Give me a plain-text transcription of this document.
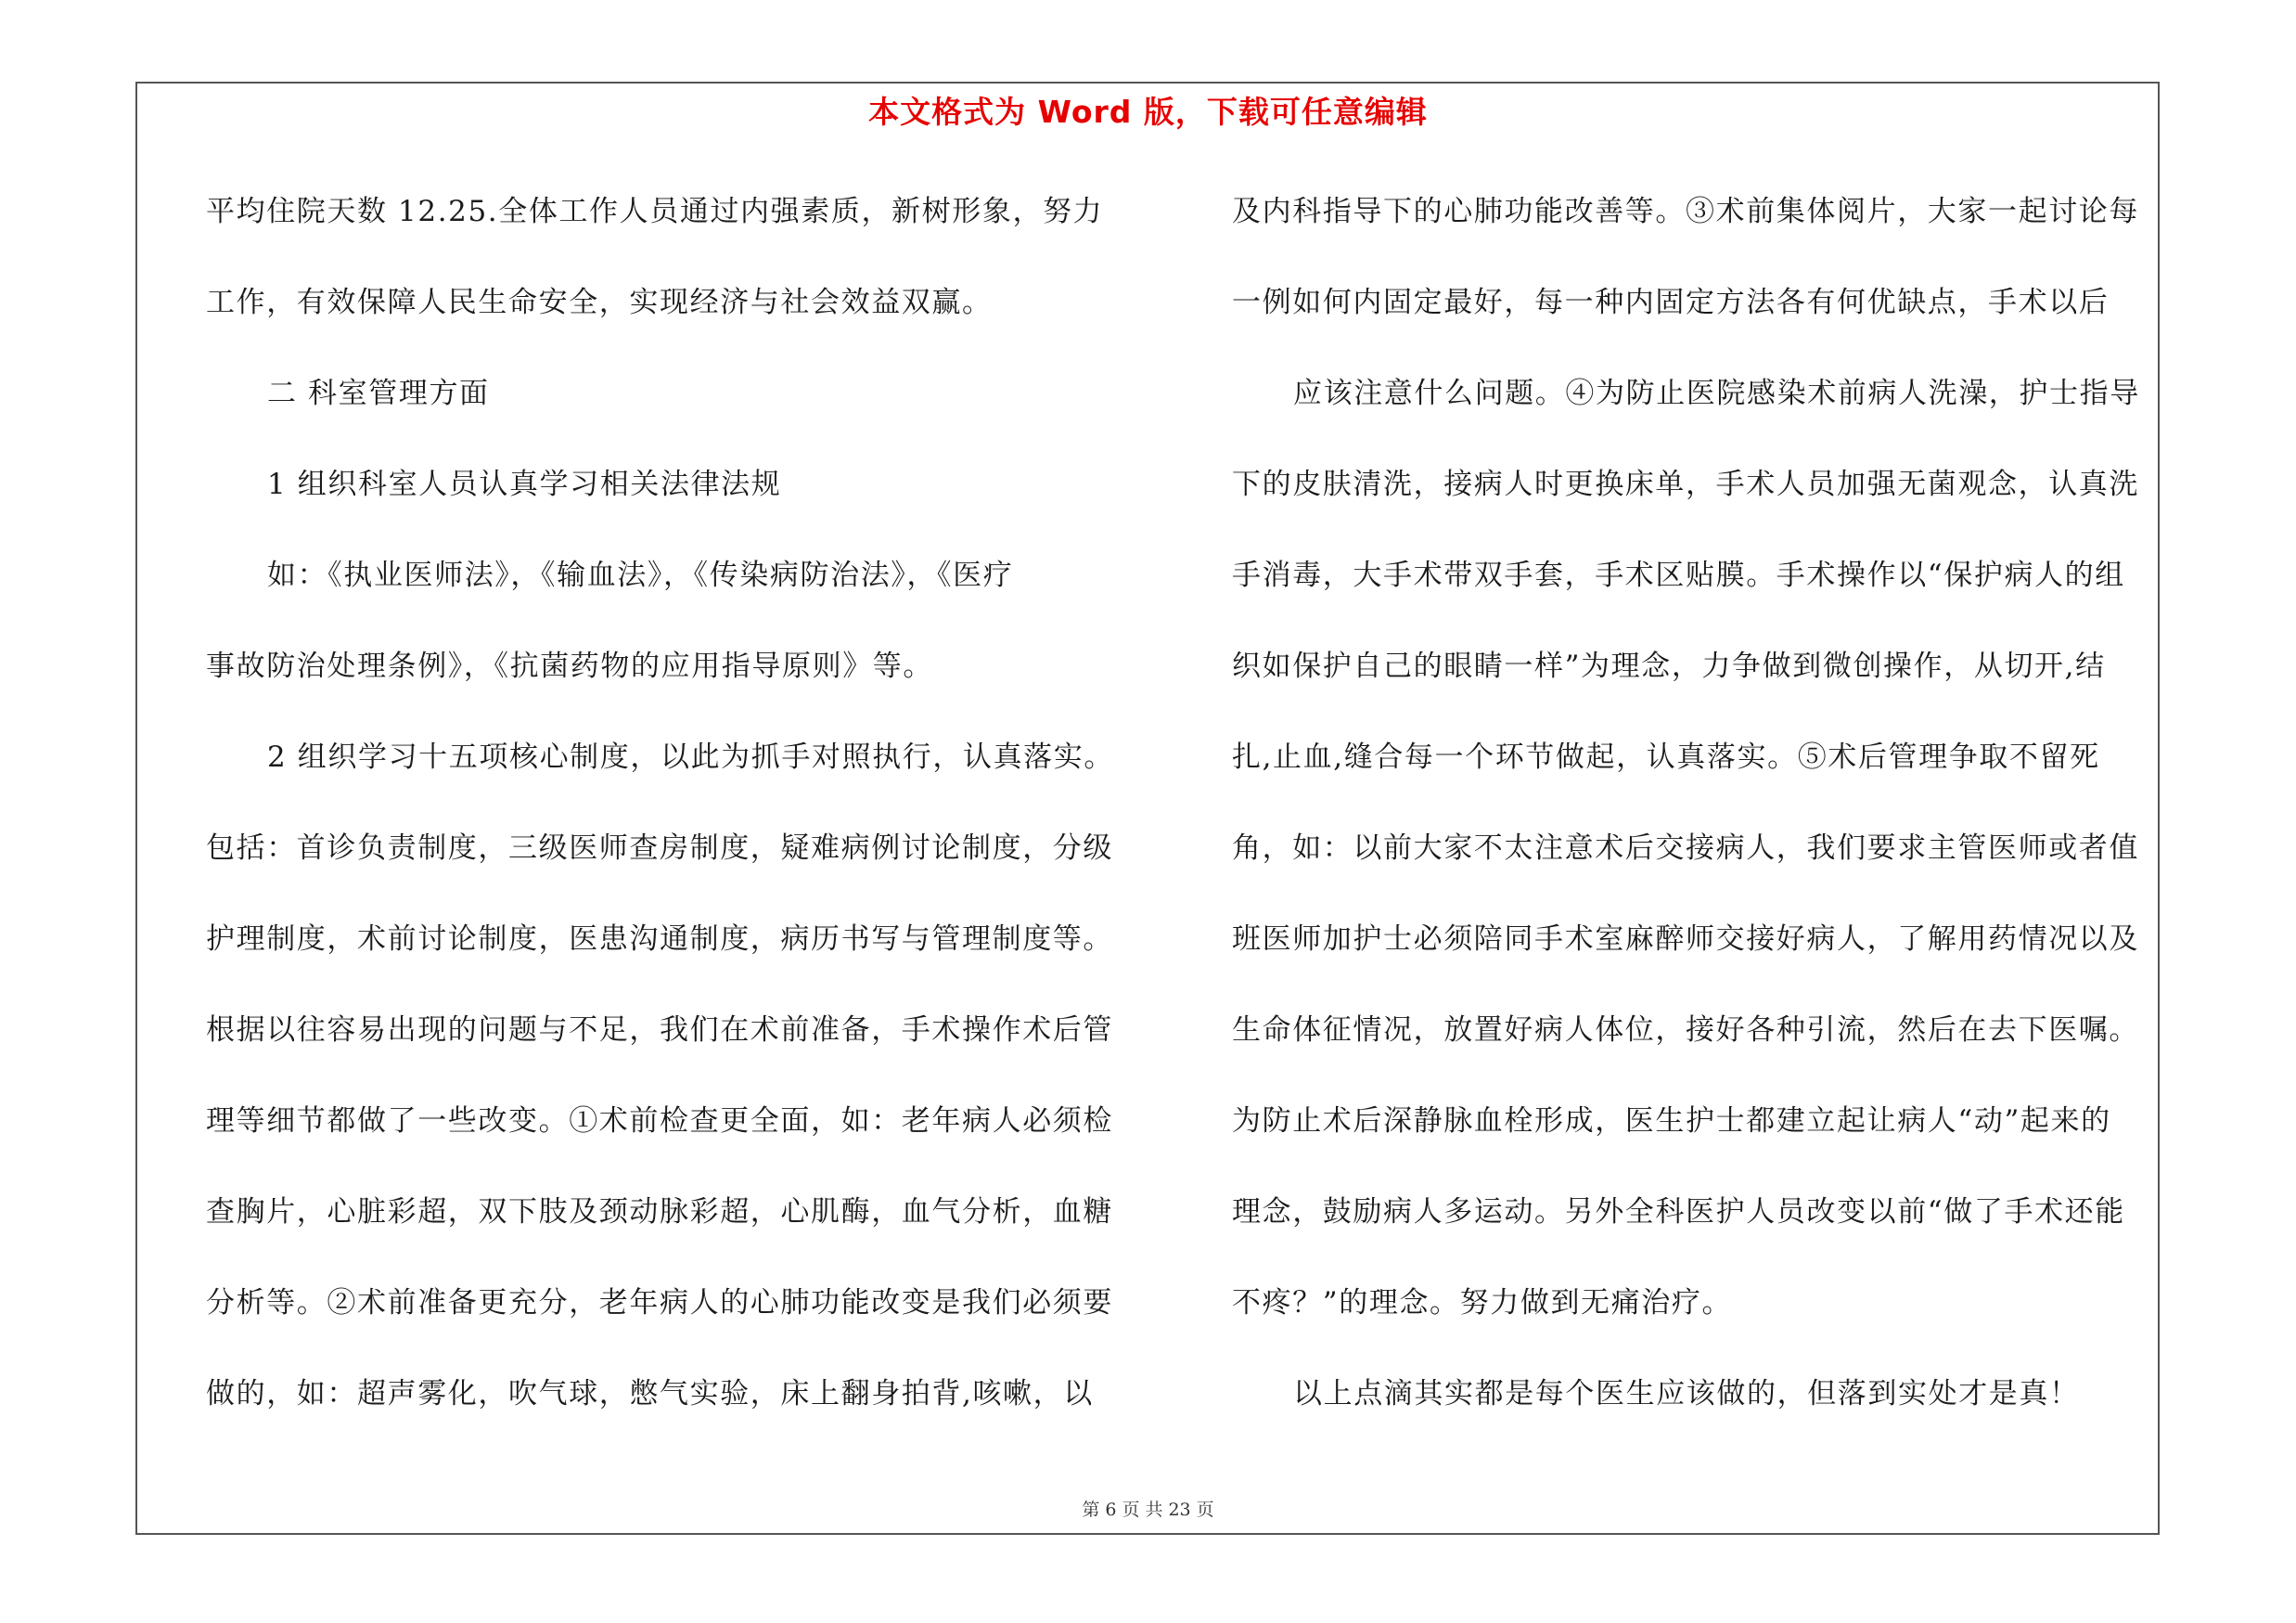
本文格式为 Word 版，下载可任意编辑
平均住院天数 12.25.全体工作人员通过内强素质，新树形象，努力
工作，有效保障人民生命安全，实现经济与社会效益双赢。
二 科室管理方面
1 组织科室人员认真学习相关法律法规
如：《执业医师法》，《输血法》，《传染病防治法》，《医疗
事故防治处理条例》，《抗菌药物的应用指导原则》等。
2 组织学习十五项核心制度，以此为抓手对照执行，认真落实。
包括：首诊负责制度，三级医师查房制度，疑难病例讨论制度，分级
护理制度，术前讨论制度，医患沟通制度，病历书写与管理制度等。
根据以往容易出现的问题与不足，我们在术前准备，手术操作术后管
理等细节都做了一些改变。①术前检查更全面，如：老年病人必须检
查胸片，心脏彩超，双下肢及颈动脉彩超，心肌酶，血气分析，血糖
分析等。②术前准备更充分，老年病人的心肺功能改变是我们必须要
做的，如：超声雾化，吹气球，憋气实验，床上翻身拍背,咳嗽，以
及内科指导下的心肺功能改善等。③术前集体阅片，大家一起讨论每
一例如何内固定最好，每一种内固定方法各有何优缺点，手术以后
应该注意什么问题。④为防止医院感染术前病人洗澡，护士指导
下的皮肤清洗，接病人时更换床单，手术人员加强无菌观念，认真洗
手消毒，大手术带双手套，手术区贴膜。手术操作以“保护病人的组
织如保护自己的眼睛一样”为理念，力争做到微创操作，从切开,结
扎,止血,缝合每一个环节做起，认真落实。⑤术后管理争取不留死
角，如：以前大家不太注意术后交接病人，我们要求主管医师或者值
班医师加护士必须陪同手术室麻醉师交接好病人，了解用药情况以及
生命体征情况，放置好病人体位，接好各种引流，然后在去下医嘱。
为防止术后深静脉血栓形成，医生护士都建立起让病人“动”起来的
理念，鼓励病人多运动。另外全科医护人员改变以前“做了手术还能
不疼？”的理念。努力做到无痛治疗。
以上点滴其实都是每个医生应该做的，但落到实处才是真！
第 6 页 共 23 页
